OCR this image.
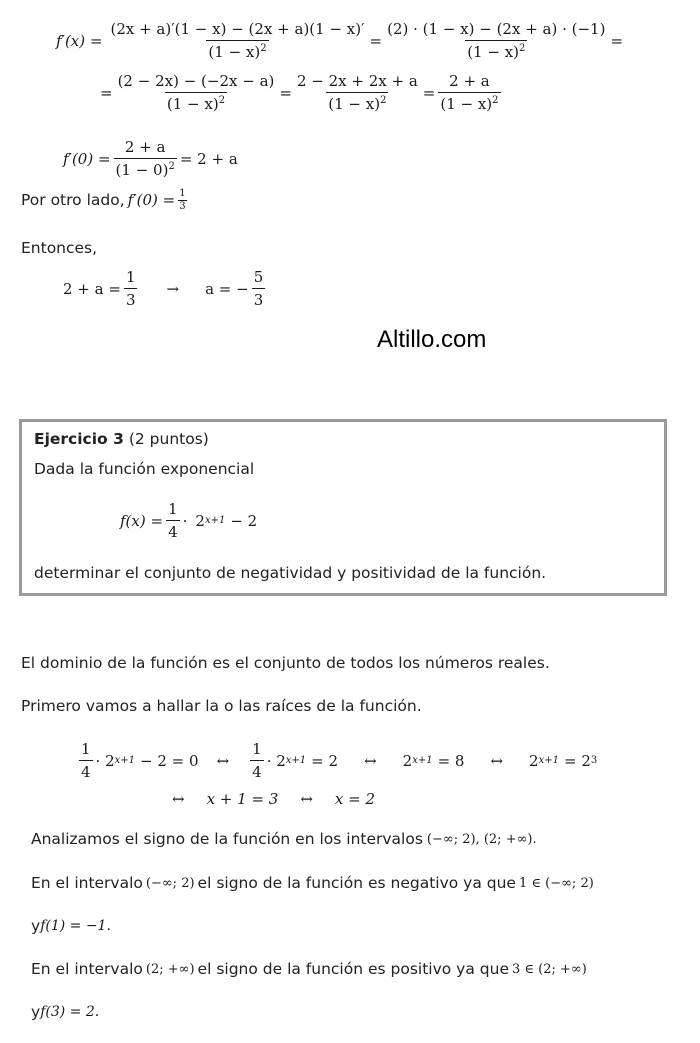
$f'(x) = \frac{(2x + a)'(1 - x) - (2x + a)(1 - x)'}{(1 - x)^2} = \frac{(2) \cdot (1 - x) - (2x + a) \cdot (-1)}{(1 - x)^2}$ =
= $\frac{(2 - 2x) - (-2x - a)}{(1 - x)^2} = \frac{2 - 2x + 2x + a}{(1 - x)^2} = \frac{2 + a}{(1 - x)^2}$
$f'(0) = \frac{2 + a}{(1 - 0)^2} = 2 + a$
Por otro lado, $f'(0) = \frac{1}{3}$
Entonces,
$2 + a = \frac{1}{3} \to a$ = − $\frac{5}{3}$
Altillo.com
Ejercicio 3 (2 puntos)
Dada la función exponencial
$f(x) = \frac{1}{4} \cdot 2$ x+1 − 2
determinar el conjunto de negatividad y positividad de la función.
El dominio de la función es el conjunto de todos los números reales.
Primero vamos a hallar la o las raíces de la función.
$\frac{1}{4} \cdot 2$ x+1 − 2 = 0 ↔ $\frac{1}{4} \cdot 2$ x+1 = 2 ↔ 2 x+1 = 8 ↔ 2 x+1 = 2 3
↔ x + 1 = 3 ↔ x = 2
Analizamos el signo de la función en los intervalos (−∞; 2), (2; +∞).
En el intervalo (−∞; 2) el signo de la función es negativo ya que 1 ∈ (−∞; 2)
y f(1) = −1.
En el intervalo (2; +∞) el signo de la función es positivo ya que 3 ∈ (2; +∞)
y f(3) = 2.
